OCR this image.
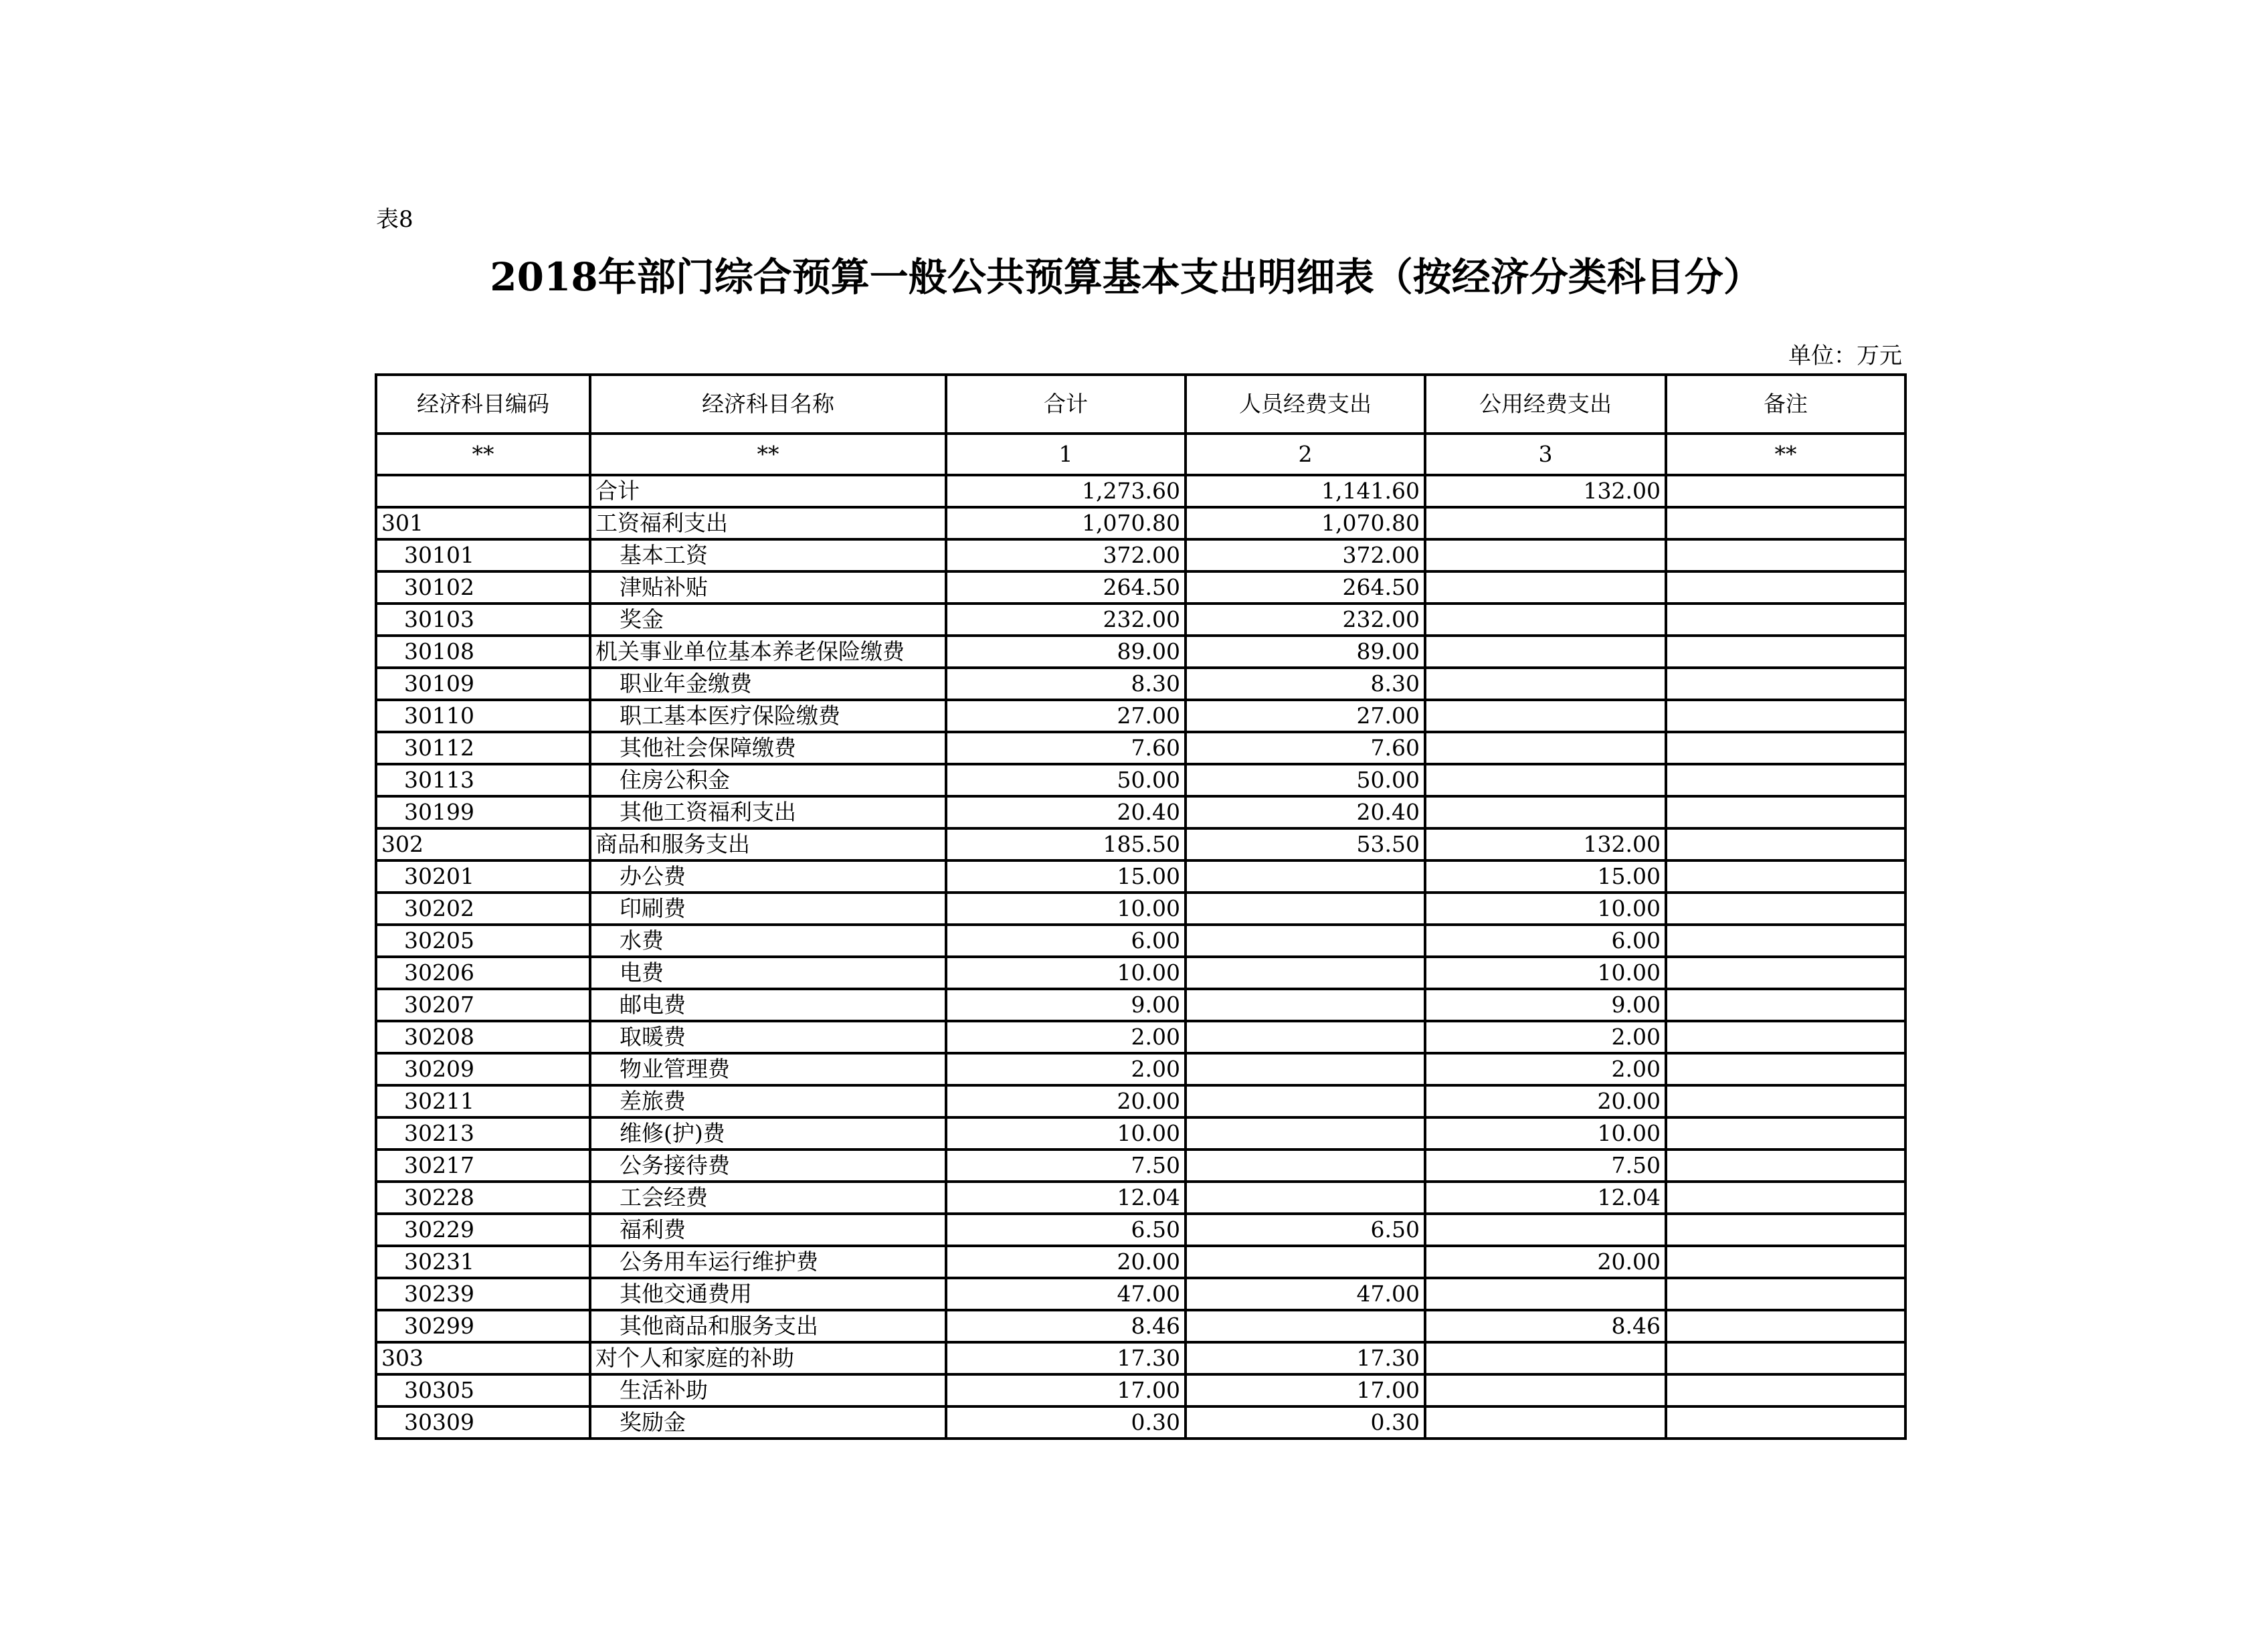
表8
2018年部门综合预算一般公共预算基本支出明细表（按经济分类科目分）
单位：万元
经济科目编码	经济科目名称	合计	人员经费支出	公用经费支出	备注
**	**	1	2	3	**
	合计	1,273.60	1,141.60	132.00	
301	工资福利支出	1,070.80	1,070.80		
30101	基本工资	372.00	372.00		
30102	津贴补贴	264.50	264.50		
30103	奖金	232.00	232.00		
30108	机关事业单位基本养老保险缴费	89.00	89.00		
30109	职业年金缴费	8.30	8.30		
30110	职工基本医疗保险缴费	27.00	27.00		
30112	其他社会保障缴费	7.60	7.60		
30113	住房公积金	50.00	50.00		
30199	其他工资福利支出	20.40	20.40		
302	商品和服务支出	185.50	53.50	132.00	
30201	办公费	15.00		15.00	
30202	印刷费	10.00		10.00	
30205	水费	6.00		6.00	
30206	电费	10.00		10.00	
30207	邮电费	9.00		9.00	
30208	取暖费	2.00		2.00	
30209	物业管理费	2.00		2.00	
30211	差旅费	20.00		20.00	
30213	维修(护)费	10.00		10.00	
30217	公务接待费	7.50		7.50	
30228	工会经费	12.04		12.04	
30229	福利费	6.50	6.50		
30231	公务用车运行维护费	20.00		20.00	
30239	其他交通费用	47.00	47.00		
30299	其他商品和服务支出	8.46		8.46	
303	对个人和家庭的补助	17.30	17.30		
30305	生活补助	17.00	17.00		
30309	奖励金	0.30	0.30		
